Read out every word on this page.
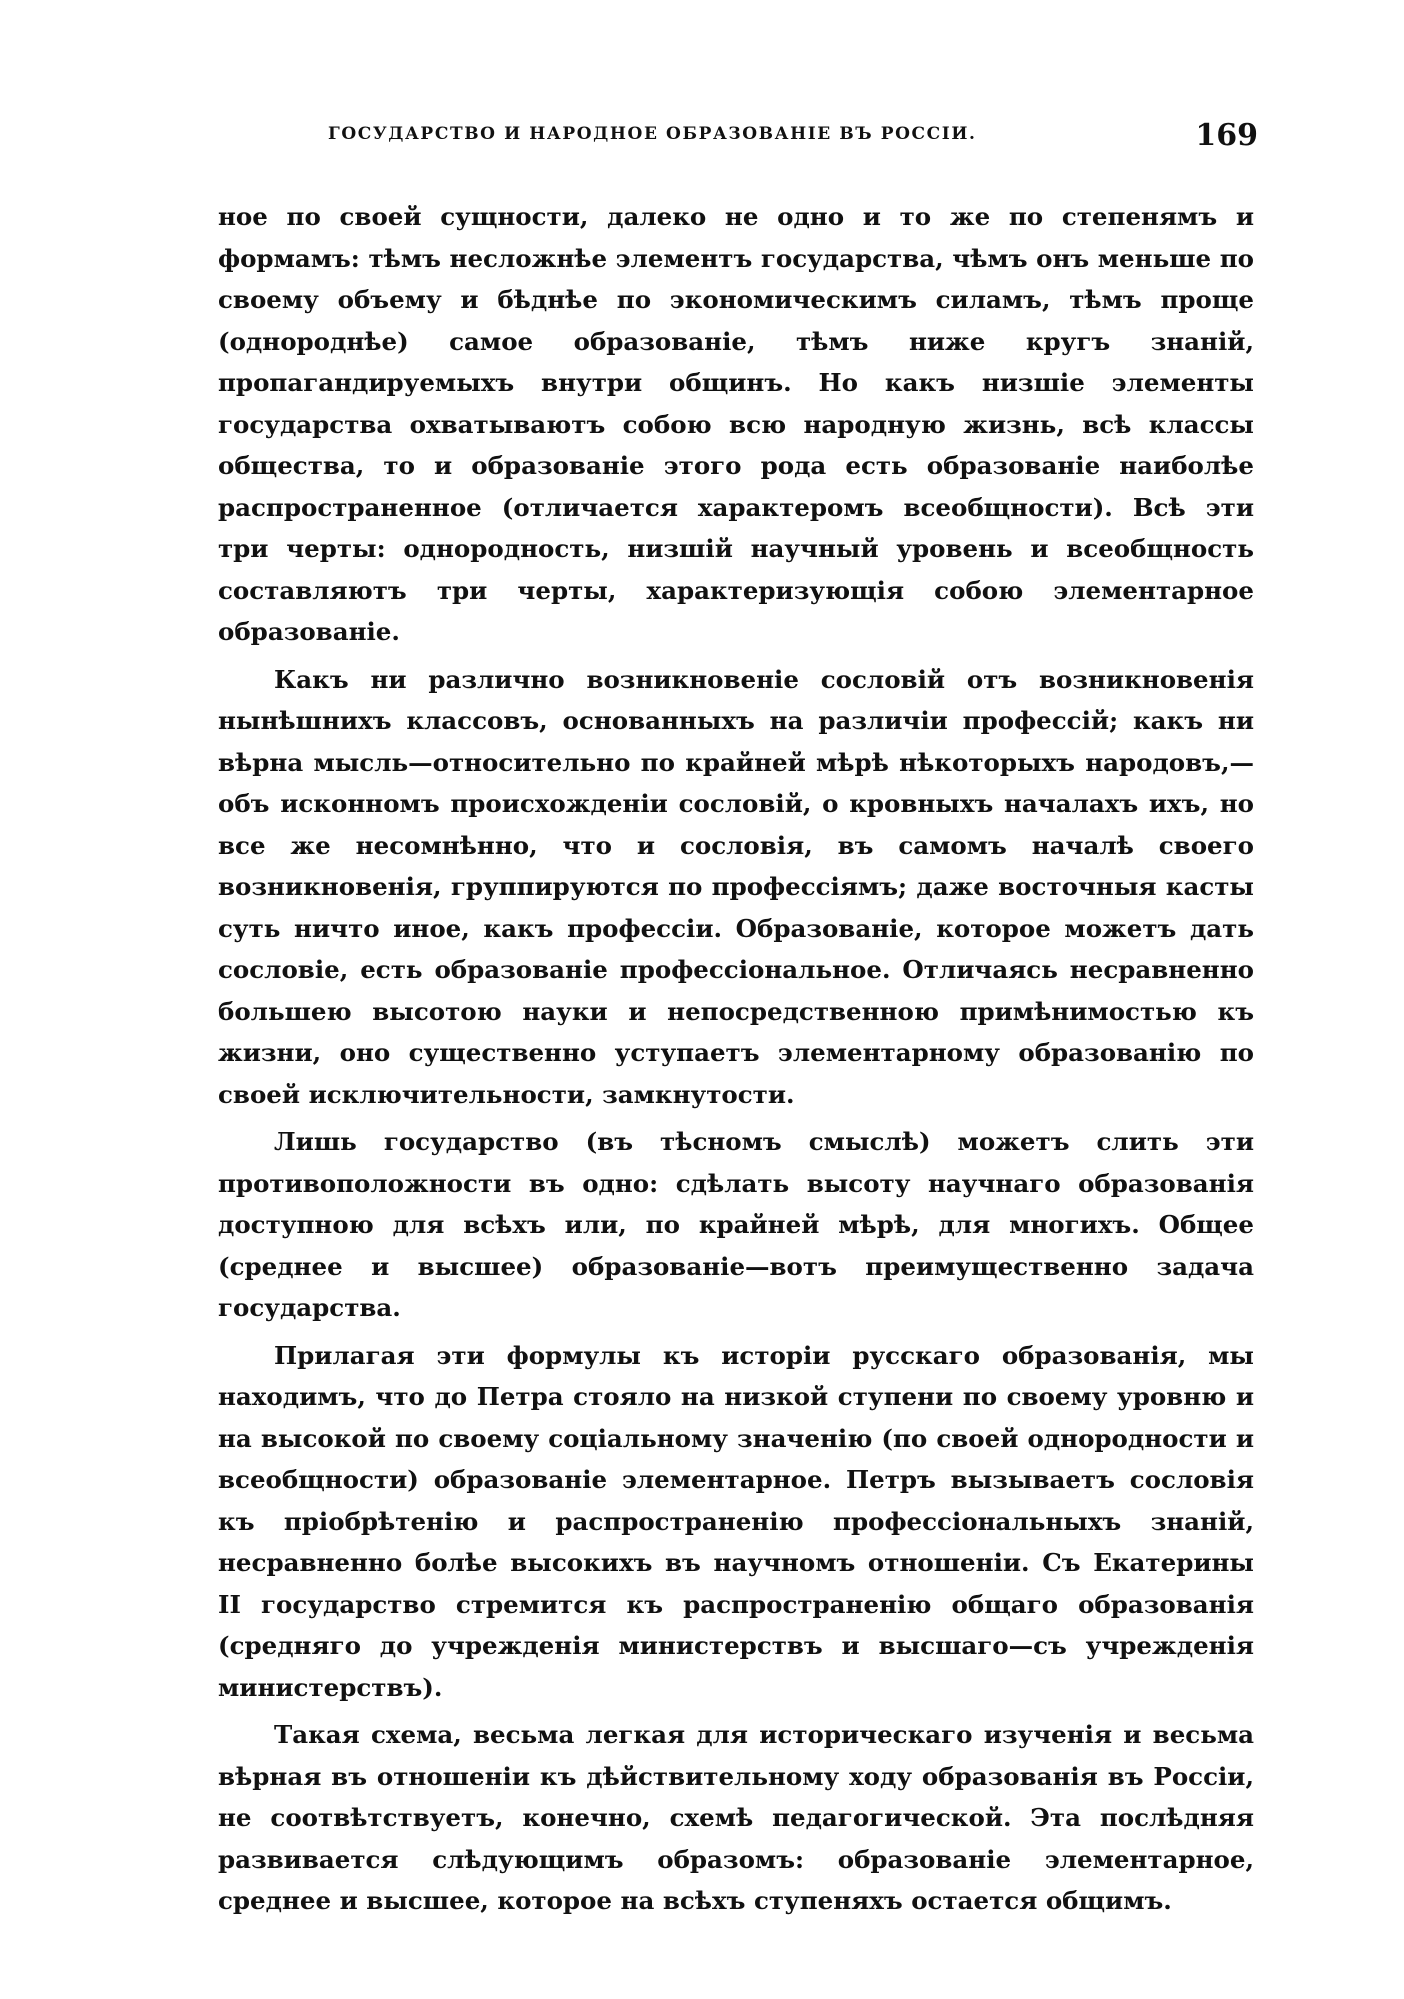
ГОСУДАРСТВО И НАРОДНОЕ ОБРАЗОВАНІЕ ВЪ РОССІИ.	169

ное по своей сущности, далеко не одно и то же по степенямъ и формамъ: тѣмъ несложнѣе элементъ государства, чѣмъ онъ меньше по своему объему и бѣднѣе по экономическимъ силамъ, тѣмъ проще (однороднѣе) самое образованіе, тѣмъ ниже кругъ знаній, пропагандируемыхъ внутри общинъ. Но какъ низшіе элементы государства охватываютъ собою всю народную жизнь, всѣ классы общества, то и образованіе этого рода есть образованіе наиболѣе распространенное (отличается характеромъ всеобщности). Всѣ эти три черты: однородность, низшій научный уровень и всеобщность составляютъ три черты, характеризующія собою элементарное образованіе.

Какъ ни различно возникновеніе сословій отъ возникновенія нынѣшнихъ классовъ, основанныхъ на различіи профессій; какъ ни вѣрна мысль—относительно по крайней мѣрѣ нѣкоторыхъ народовъ,—объ исконномъ происхожденіи сословій, о кровныхъ началахъ ихъ, но все же несомнѣнно, что и сословія, въ самомъ началѣ своего возникновенія, группируются по профессіямъ; даже восточныя касты суть ничто иное, какъ профессіи. Образованіе, которое можетъ дать сословіе, есть образованіе профессіональное. Отличаясь несравненно большею высотою науки и непосредственною примѣнимостью къ жизни, оно существенно уступаетъ элементарному образованію по своей исключительности, замкнутости.

Лишь государство (въ тѣсномъ смыслѣ) можетъ слить эти противоположности въ одно: сдѣлать высоту научнаго образованія доступною для всѣхъ или, по крайней мѣрѣ, для многихъ. Общее (среднее и высшее) образованіе—вотъ преимущественно задача государства.

Прилагая эти формулы къ исторіи русскаго образованія, мы находимъ, что до Петра стояло на низкой ступени по своему уровню и на высокой по своему соціальному значенію (по своей однородности и всеобщности) образованіе элементарное. Петръ вызываетъ сословія къ пріобрѣтенію и распространенію профессіональныхъ знаній, несравненно болѣе высокихъ въ научномъ отношеніи. Съ Екатерины II государство стремится къ распространенію общаго образованія (средняго до учрежденія министерствъ и высшаго—съ учрежденія министерствъ).

Такая схема, весьма легкая для историческаго изученія и весьма вѣрная въ отношеніи къ дѣйствительному ходу образованія въ Россіи, не соотвѣтствуетъ, конечно, схемѣ педагогической. Эта послѣдняя развивается слѣдующимъ образомъ: образованіе элементарное, среднее и высшее, которое на всѣхъ ступеняхъ остается общимъ.
